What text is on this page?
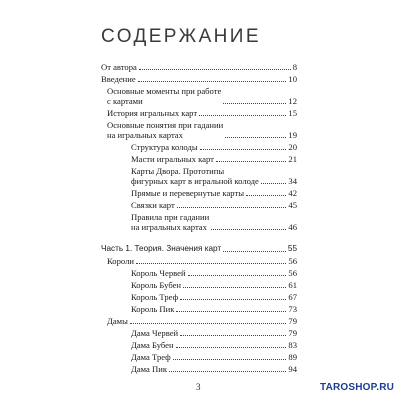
СОДЕРЖАНИЕ
От автора	8
Введение	10
Основные моменты при работе
с картами	12
История игральных карт	15
Основные понятия при гадании
на игральных картах	19
Структура колоды	20
Масти игральных карт	21
Карты Двора. Прототипы
фигурных карт в игральной колоде	34
Прямые и перевернутые карты	42
Связки карт	45
Правила при гадании
на игральных картах	46
Часть 1. Теория. Значения карт	55
Короли	56
Король Червей	56
Король Бубен	61
Король Треф	67
Король Пик	73
Дамы	79
Дама Червей	79
Дама Бубен	83
Дама Треф	89
Дама Пик	94
3	TAROSHOP.RU
